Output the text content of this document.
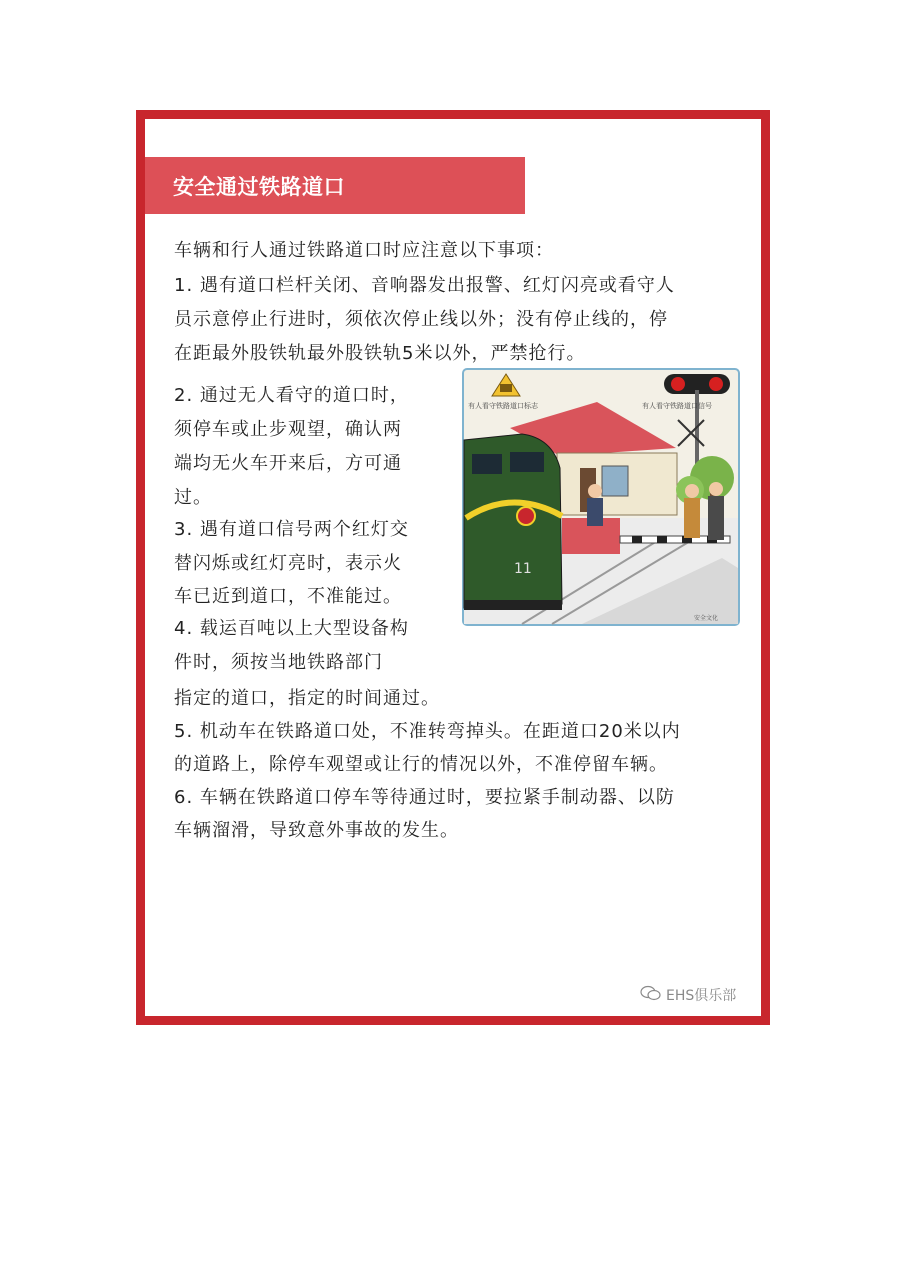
安全通过铁路道口
车辆和行人通过铁路道口时应注意以下事项：
1. 遇有道口栏杆关闭、音响器发出报警、红灯闪亮或看守人
员示意停止行进时，须依次停止线以外；没有停止线的，停
在距最外股铁轨最外股铁轨5米以外，严禁抢行。
2. 通过无人看守的道口时，
须停车或止步观望，确认两
端均无火车开来后，方可通
过。
3. 遇有道口信号两个红灯交
替闪烁或红灯亮时，表示火
车已近到道口，不准能过。
4. 载运百吨以上大型设备构
件时，须按当地铁路部门
指定的道口，指定的时间通过。
5. 机动车在铁路道口处，不准转弯掉头。在距道口20米以内
的道路上，除停车观望或让行的情况以外，不准停留车辆。
6. 车辆在铁路道口停车等待通过时，要拉紧手制动器、以防
车辆溜滑，导致意外事故的发生。
有人看守铁路道口标志	有人看守铁路道口信号
11
安全文化
EHS俱乐部
